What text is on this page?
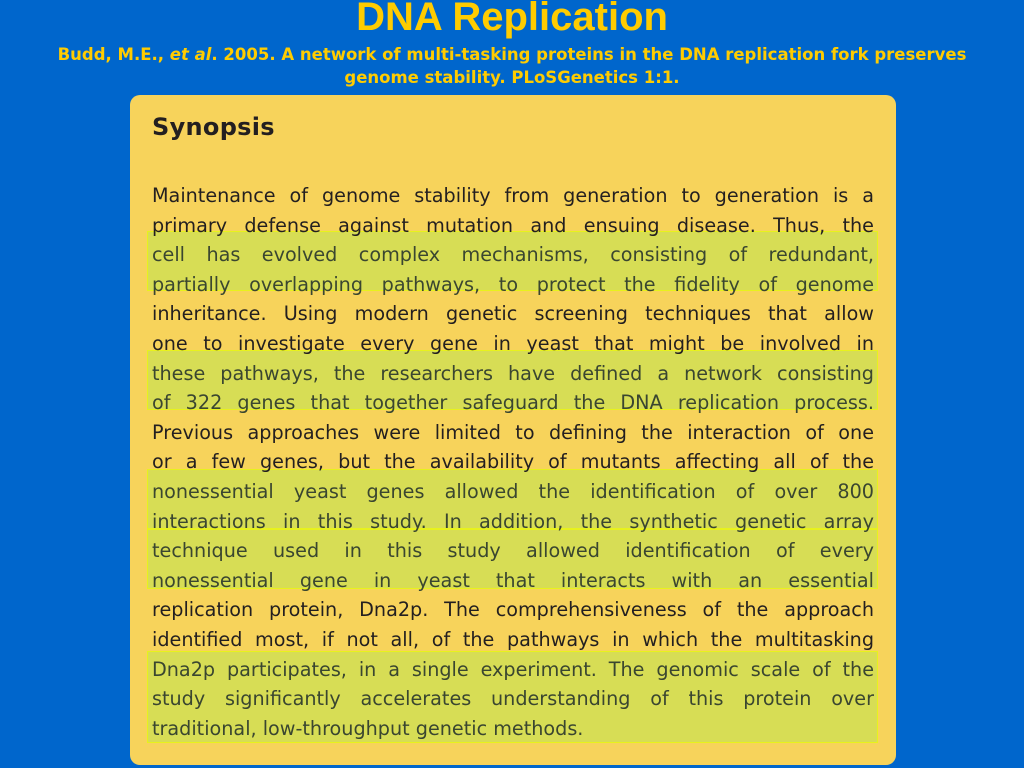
DNA Replication

Budd, M.E., et al. 2005. A network of multi-tasking proteins in the DNA replication fork preserves genome stability. PLoSGenetics 1:1.

Synopsis
Maintenance of genome stability from generation to generation is a
primary defense against mutation and ensuing disease. Thus, the
cell has evolved complex mechanisms, consisting of redundant,
partially overlapping pathways, to protect the fidelity of genome
inheritance. Using modern genetic screening techniques that allow
one to investigate every gene in yeast that might be involved in
these pathways, the researchers have defined a network consisting
of 322 genes that together safeguard the DNA replication process.
Previous approaches were limited to defining the interaction of one
or a few genes, but the availability of mutants affecting all of the
nonessential yeast genes allowed the identification of over 800
interactions in this study. In addition, the synthetic genetic array
technique used in this study allowed identification of every
nonessential gene in yeast that interacts with an essential
replication protein, Dna2p. The comprehensiveness of the approach
identified most, if not all, of the pathways in which the multitasking
Dna2p participates, in a single experiment. The genomic scale of the
study significantly accelerates understanding of this protein over
traditional, low-throughput genetic methods.
